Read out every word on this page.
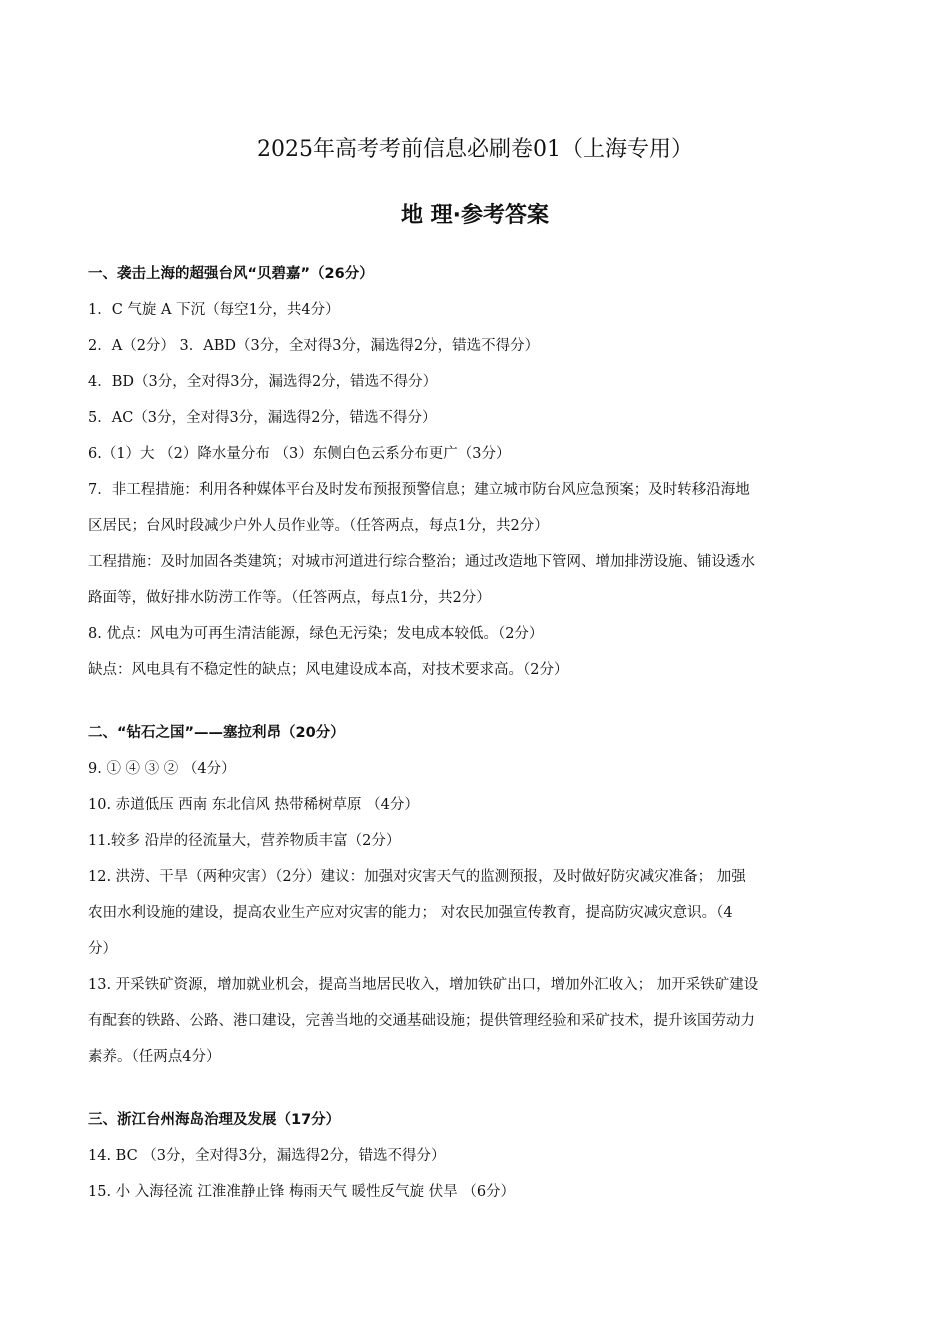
2025年高考考前信息必刷卷01（上海专用）
地 理·参考答案
一、袭击上海的超强台风“贝碧嘉”（26分）
1．C 气旋 A 下沉（每空1分，共4分）
2．A（2分） 3．ABD（3分，全对得3分，漏选得2分，错选不得分）
4．BD（3分，全对得3分，漏选得2分，错选不得分）
5．AC（3分，全对得3分，漏选得2分，错选不得分）
6.（1）大 （2）降水量分布 （3）东侧白色云系分布更广（3分）
7．非工程措施：利用各种媒体平台及时发布预报预警信息；建立城市防台风应急预案；及时转移沿海地
区居民；台风时段减少户外人员作业等。（任答两点，每点1分，共2分）
工程措施：及时加固各类建筑；对城市河道进行综合整治；通过改造地下管网、增加排涝设施、铺设透水
路面等，做好排水防涝工作等。（任答两点，每点1分，共2分）
8. 优点：风电为可再生清洁能源，绿色无污染；发电成本较低。（2分）
缺点：风电具有不稳定性的缺点；风电建设成本高，对技术要求高。（2分）
二、“钻石之国”——塞拉利昂（20分）
9. ① ④ ③ ② （4分）
10. 赤道低压 西南 东北信风 热带稀树草原 （4分）
11.较多 沿岸的径流量大，营养物质丰富（2分）
12. 洪涝、干旱（两种灾害）（2分）建议：加强对灾害天气的监测预报，及时做好防灾减灾准备； 加强
农田水利设施的建设，提高农业生产应对灾害的能力； 对农民加强宣传教育，提高防灾减灾意识。（4
分）
13. 开采铁矿资源，增加就业机会，提高当地居民收入，增加铁矿出口，增加外汇收入； 加开采铁矿建设
有配套的铁路、公路、港口建设，完善当地的交通基础设施；提供管理经验和采矿技术，提升该国劳动力
素养。（任两点4分）
三、浙江台州海岛治理及发展（17分）
14. BC （3分，全对得3分，漏选得2分，错选不得分）
15. 小 入海径流 江淮准静止锋 梅雨天气 暖性反气旋 伏旱 （6分）
